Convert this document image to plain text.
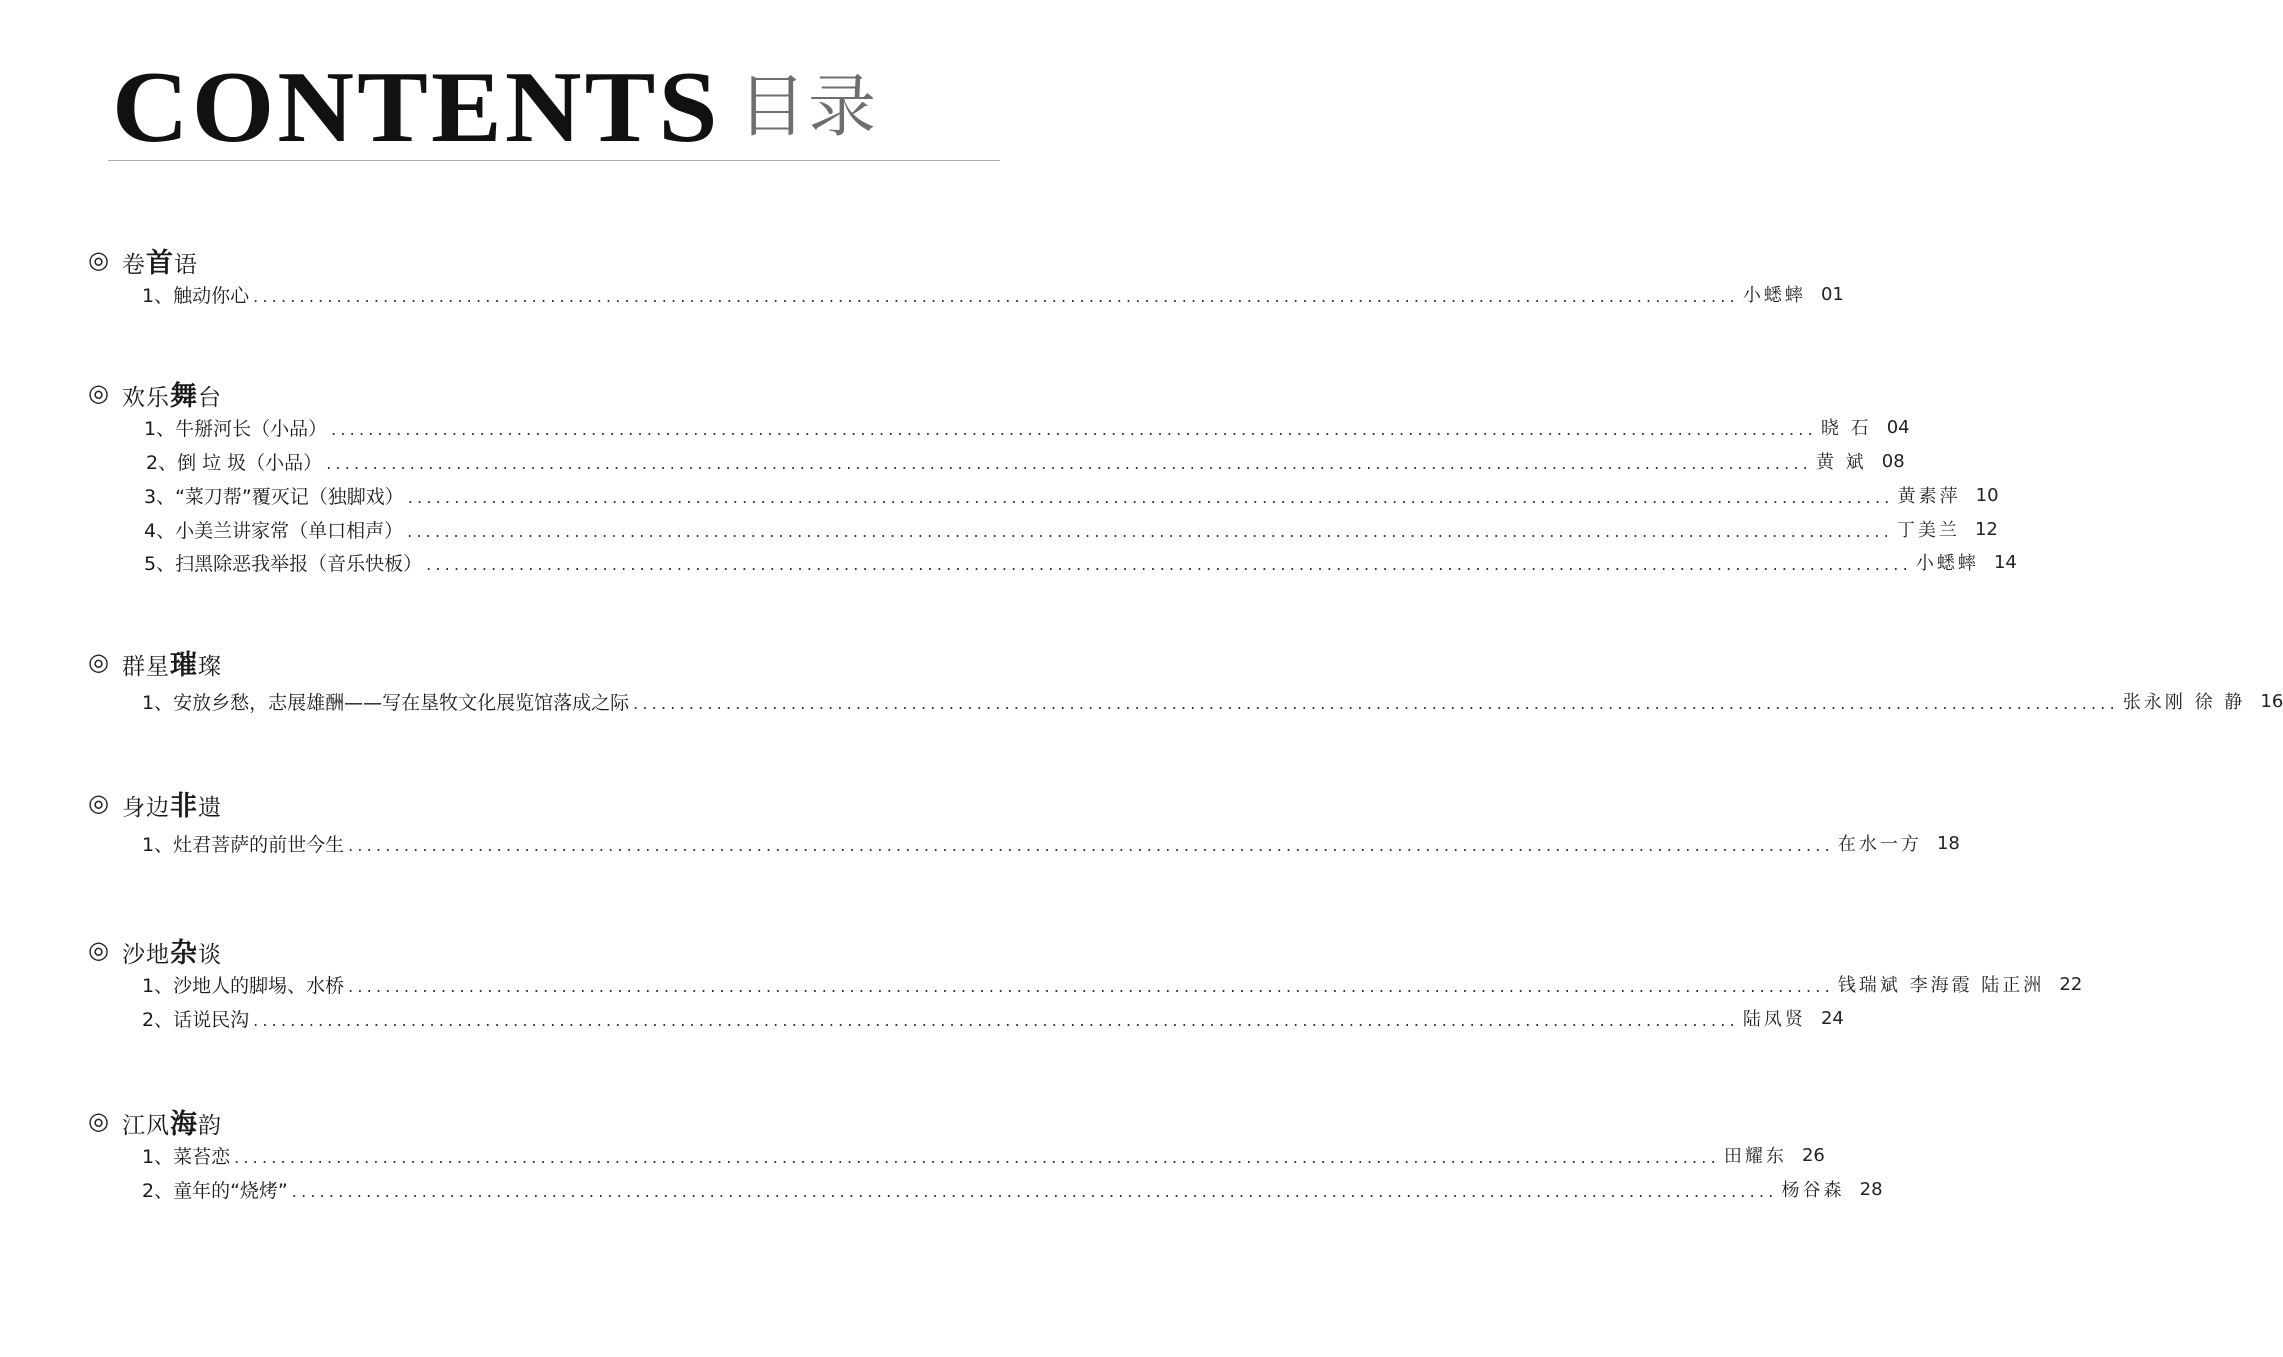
CONTENTS 目录
◎ 卷首语
1、 触动你心 ................................................................................................................................................................ 小蟋蟀 01
◎ 欢乐舞台
1、 牛掰河长（小品） ................................................................................................................................................................ 晓 石 04
2、 倒 垃 圾（小品） ................................................................................................................................................................ 黄 斌 08
3、 “菜刀帮”覆灭记（独脚戏） ................................................................................................................................................................ 黄素萍 10
4、 小美兰讲家常（单口相声） ................................................................................................................................................................ 丁美兰 12
5、 扫黑除恶我举报（音乐快板） ................................................................................................................................................................ 小蟋蟀 14
◎ 群星璀璨
1、 安放乡愁，志展雄酬——写在垦牧文化展览馆落成之际 ................................................................................................................................................................ 张永刚 徐 静 16
◎ 身边非遗
1、 灶君菩萨的前世今生 ................................................................................................................................................................ 在水一方 18
◎ 沙地杂谈
1、 沙地人的脚埸、水桥 ................................................................................................................................................................ 钱瑞斌 李海霞 陆正洲 22
2、 话说民沟 ................................................................................................................................................................ 陆凤贤 24
◎ 江风海韵
1、 菜苔恋 ................................................................................................................................................................ 田耀东 26
2、 童年的“烧烤” ................................................................................................................................................................ 杨谷森 28
